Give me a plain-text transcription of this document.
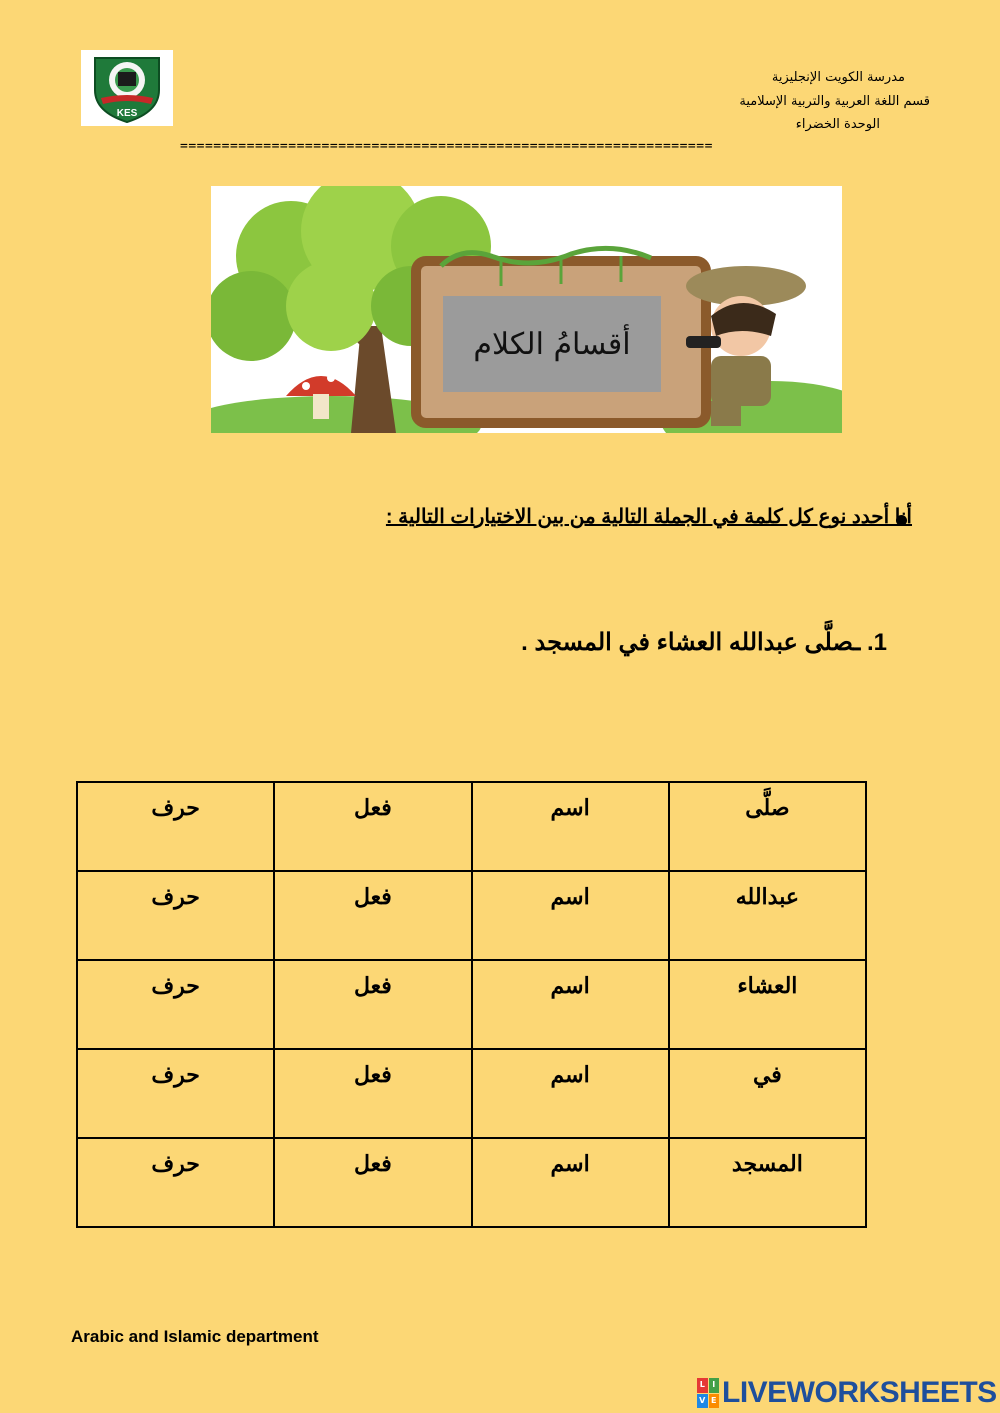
KES
مدرسة الكويت الإنجليزية
قسم اللغة العربية والتربية الإسلامية
الوحدة الخضراء
================================================================
أقسامُ الكلام
أنا أحدد نوع كل كلمة في الجملة التالية من بين الاختيارات التالية :
1. ـصلَّى عبدالله العشاء في المسجد .
صلَّى	اسم	فعل	حرف
عبدالله	اسم	فعل	حرف
العشاء	اسم	فعل	حرف
في	اسم	فعل	حرف
المسجد	اسم	فعل	حرف
Arabic and Islamic department
L I
V E LIVEWORKSHEETS
